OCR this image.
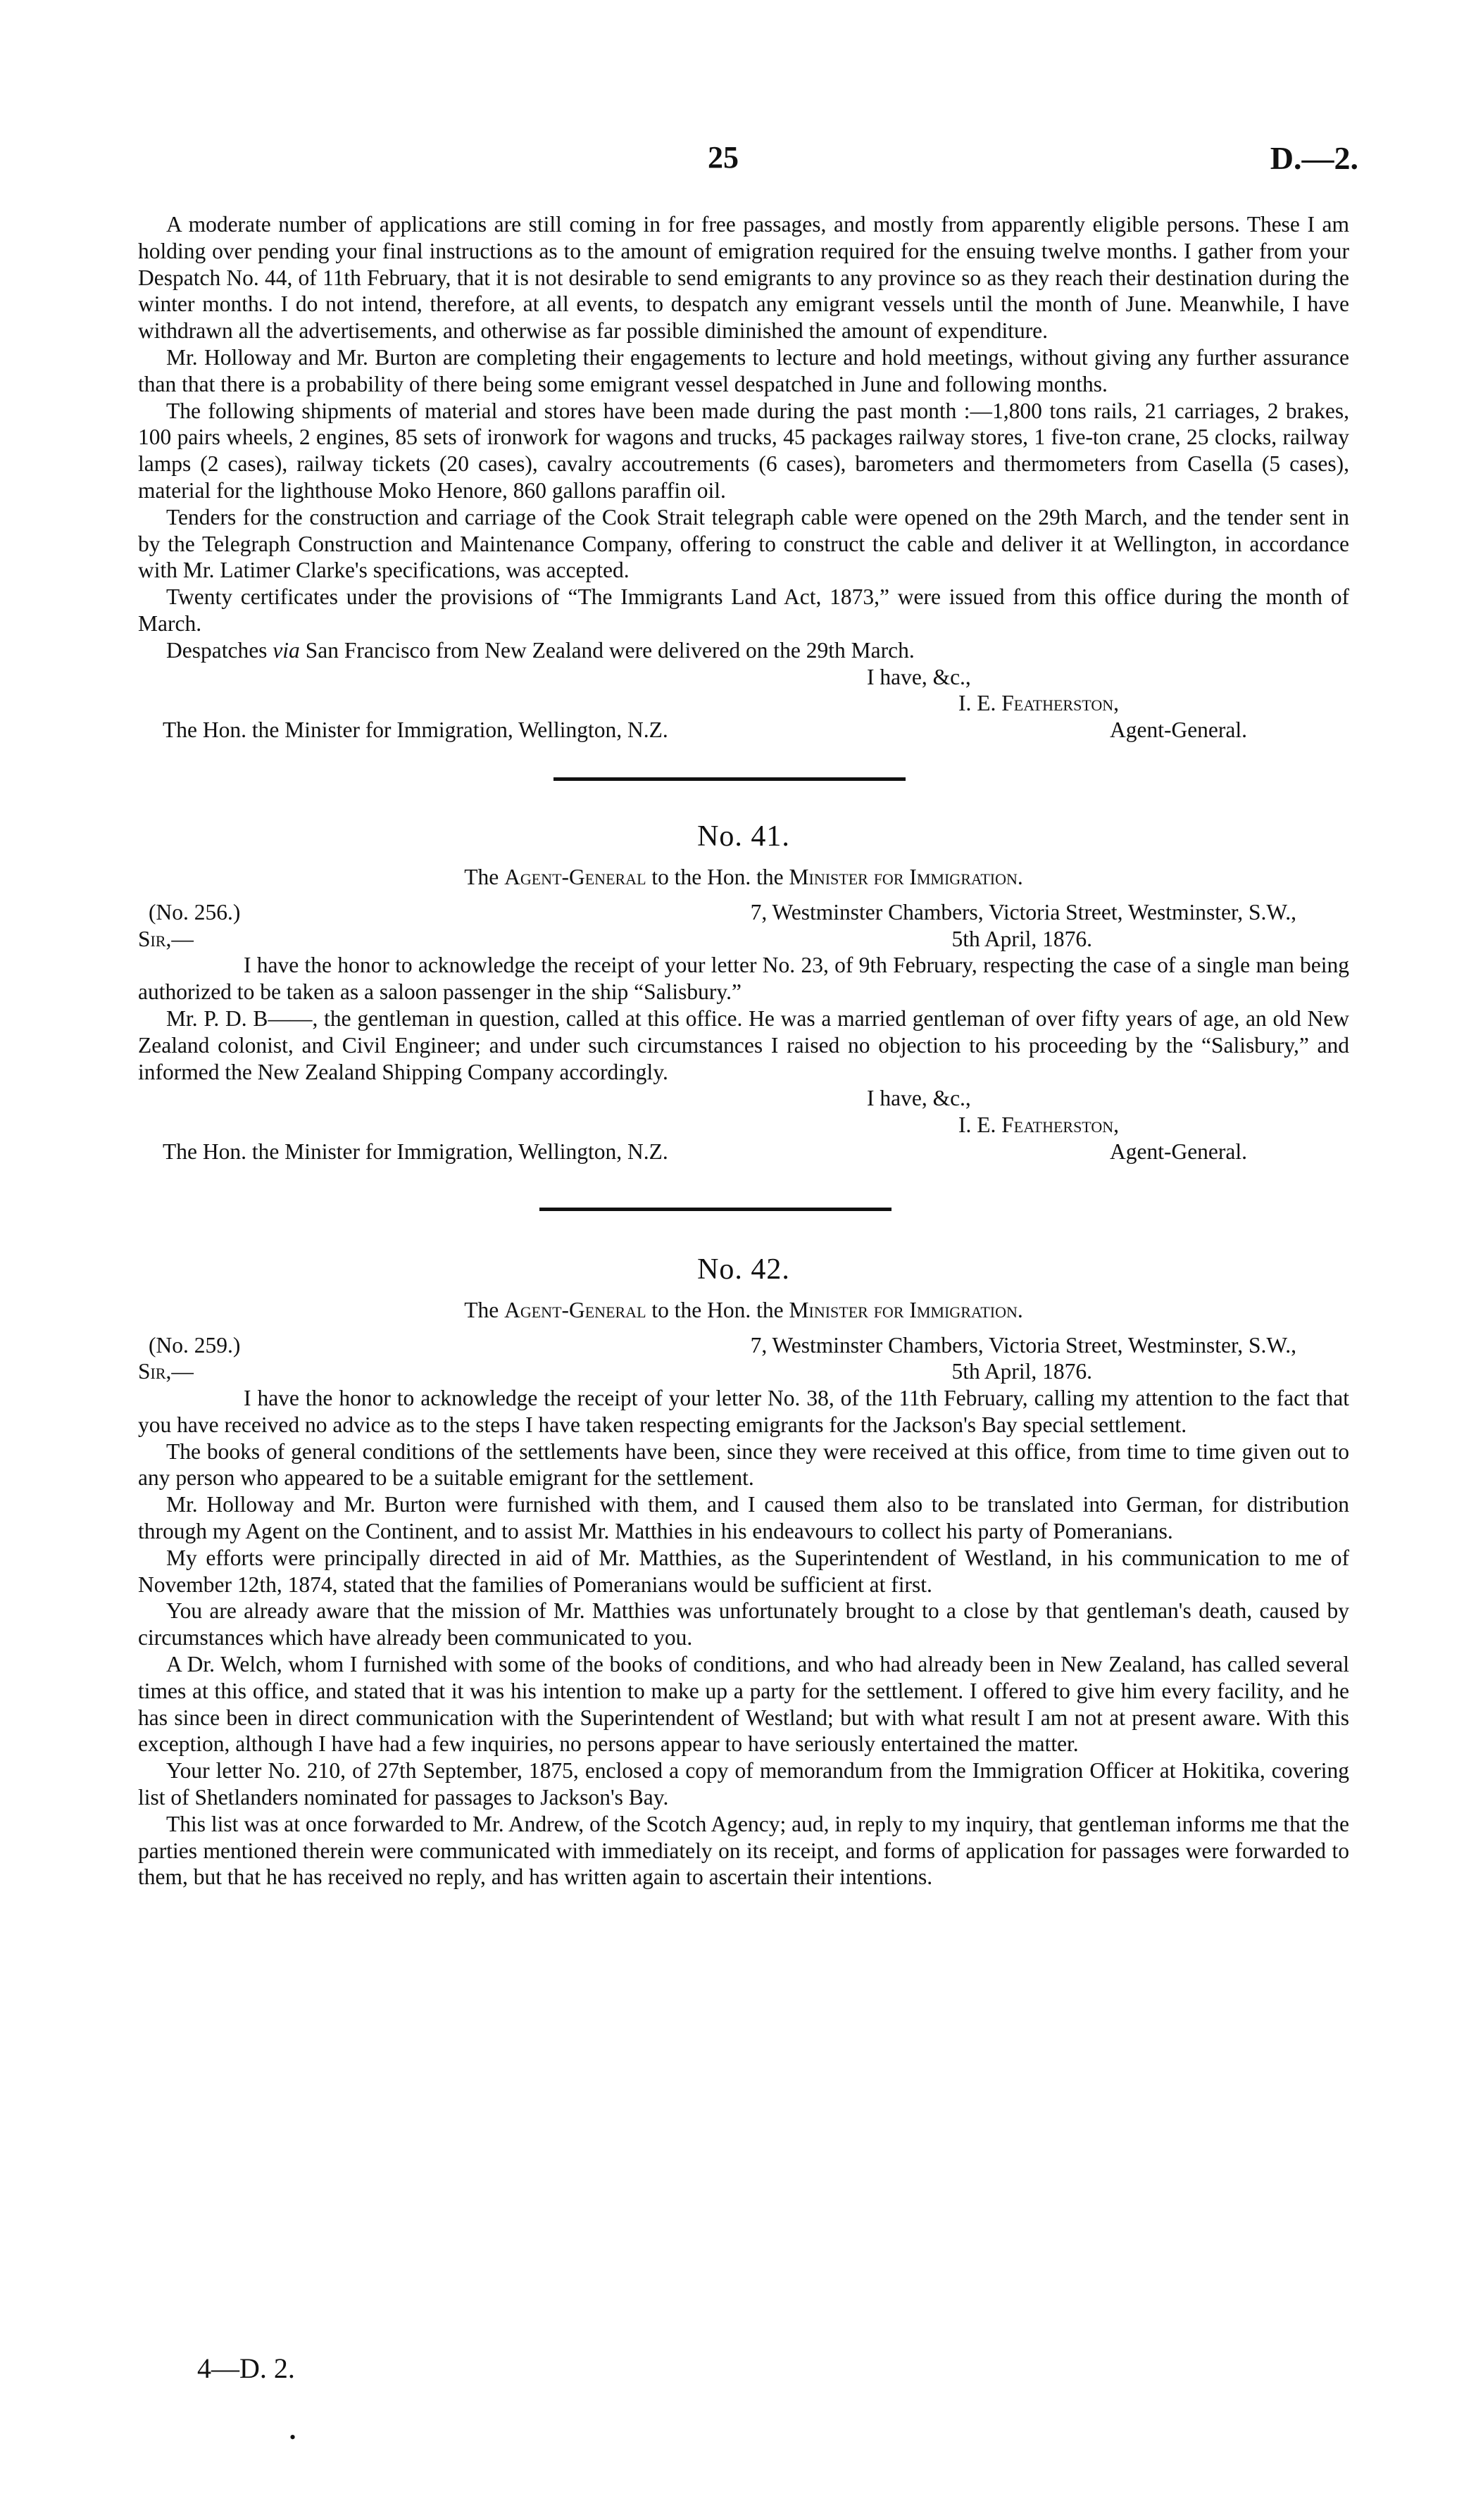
25	D.—2.

A moderate number of applications are still coming in for free passages, and mostly from apparently eligible persons. These I am holding over pending your final instructions as to the amount of emigration required for the ensuing twelve months. I gather from your Despatch No. 44, of 11th February, that it is not desirable to send emigrants to any province so as they reach their destination during the winter months. I do not intend, therefore, at all events, to despatch any emigrant vessels until the month of June. Meanwhile, I have withdrawn all the advertisements, and otherwise as far possible diminished the amount of expenditure.

Mr. Holloway and Mr. Burton are completing their engagements to lecture and hold meetings, without giving any further assurance than that there is a probability of there being some emigrant vessel despatched in June and following months.

The following shipments of material and stores have been made during the past month :—1,800 tons rails, 21 carriages, 2 brakes, 100 pairs wheels, 2 engines, 85 sets of ironwork for wagons and trucks, 45 packages railway stores, 1 five-ton crane, 25 clocks, railway lamps (2 cases), railway tickets (20 cases), cavalry accoutrements (6 cases), barometers and thermometers from Casella (5 cases), material for the lighthouse Moko Henore, 860 gallons paraffin oil.

Tenders for the construction and carriage of the Cook Strait telegraph cable were opened on the 29th March, and the tender sent in by the Telegraph Construction and Maintenance Company, offering to construct the cable and deliver it at Wellington, in accordance with Mr. Latimer Clarke's specifications, was accepted.

Twenty certificates under the provisions of “The Immigrants Land Act, 1873,” were issued from this office during the month of March.

Despatches via San Francisco from New Zealand were delivered on the 29th March.

I have, &c.,
I. E. Featherston,
The Hon. the Minister for Immigration, Wellington, N.Z.	Agent-General.
No. 41.
The Agent-General to the Hon. the Minister for Immigration.
(No. 256.)	7, Westminster Chambers, Victoria Street, Westminster, S.W.,
Sir,—	5th April, 1876.

I have the honor to acknowledge the receipt of your letter No. 23, of 9th February, respecting the case of a single man being authorized to be taken as a saloon passenger in the ship “Salisbury.”

Mr. P. D. B——, the gentleman in question, called at this office. He was a married gentleman of over fifty years of age, an old New Zealand colonist, and Civil Engineer; and under such circumstances I raised no objection to his proceeding by the “Salisbury,” and informed the New Zealand Shipping Company accordingly.

I have, &c.,
I. E. Featherston,
The Hon. the Minister for Immigration, Wellington, N.Z.	Agent-General.
No. 42.
The Agent-General to the Hon. the Minister for Immigration.
(No. 259.)	7, Westminster Chambers, Victoria Street, Westminster, S.W.,
Sir,—	5th April, 1876.

I have the honor to acknowledge the receipt of your letter No. 38, of the 11th February, calling my attention to the fact that you have received no advice as to the steps I have taken respecting emigrants for the Jackson's Bay special settlement.

The books of general conditions of the settlements have been, since they were received at this office, from time to time given out to any person who appeared to be a suitable emigrant for the settlement.

Mr. Holloway and Mr. Burton were furnished with them, and I caused them also to be translated into German, for distribution through my Agent on the Continent, and to assist Mr. Matthies in his endeavours to collect his party of Pomeranians.

My efforts were principally directed in aid of Mr. Matthies, as the Superintendent of Westland, in his communication to me of November 12th, 1874, stated that the families of Pomeranians would be sufficient at first.

You are already aware that the mission of Mr. Matthies was unfortunately brought to a close by that gentleman's death, caused by circumstances which have already been communicated to you.

A Dr. Welch, whom I furnished with some of the books of conditions, and who had already been in New Zealand, has called several times at this office, and stated that it was his intention to make up a party for the settlement. I offered to give him every facility, and he has since been in direct communication with the Superintendent of Westland; but with what result I am not at present aware. With this exception, although I have had a few inquiries, no persons appear to have seriously entertained the matter.

Your letter No. 210, of 27th September, 1875, enclosed a copy of memorandum from the Immigration Officer at Hokitika, covering list of Shetlanders nominated for passages to Jackson's Bay.

This list was at once forwarded to Mr. Andrew, of the Scotch Agency; aud, in reply to my inquiry, that gentleman informs me that the parties mentioned therein were communicated with immediately on its receipt, and forms of application for passages were forwarded to them, but that he has received no reply, and has written again to ascertain their intentions.

4—D. 2.
•
